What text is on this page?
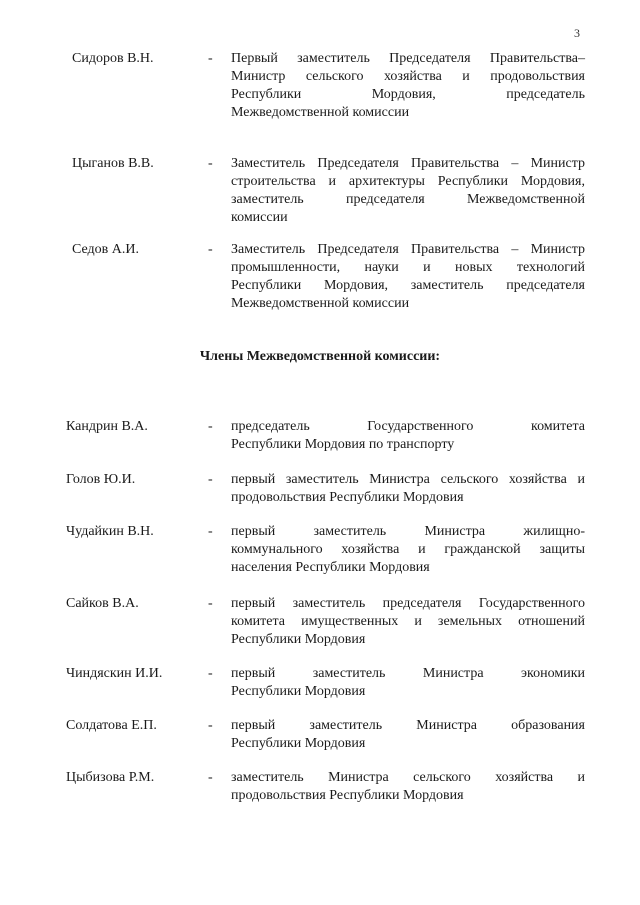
3
Сидоров В.Н.	- Первый заместитель Председателя Правительства–
Министр сельского хозяйства и продовольствия
Республики Мордовия, председатель
Межведомственной комиссии
Цыганов В.В.	- Заместитель Председателя Правительства – Министр
строительства и архитектуры Республики Мордовия,
заместитель председателя Межведомственной
комиссии
Седов А.И.	- Заместитель Председателя Правительства – Министр
промышленности, науки и новых технологий
Республики Мордовия, заместитель председателя
Межведомственной комиссии
Члены Межведомственной комиссии:
Кандрин В.А.	- председатель Государственного комитета
Республики Мордовия по транспорту
Голов Ю.И.	- первый заместитель Министра сельского хозяйства и
продовольствия Республики Мордовия
Чудайкин В.Н.	- первый заместитель Министра жилищно-
коммунального хозяйства и гражданской защиты
населения Республики Мордовия
Сайков В.А.	- первый заместитель председателя Государственного
комитета имущественных и земельных отношений
Республики Мордовия
Чиндяскин И.И.	- первый заместитель Министра экономики
Республики Мордовия
Солдатова Е.П.	- первый заместитель Министра образования
Республики Мордовия
Цыбизова Р.М.	- заместитель Министра сельского хозяйства и
продовольствия Республики Мордовия
